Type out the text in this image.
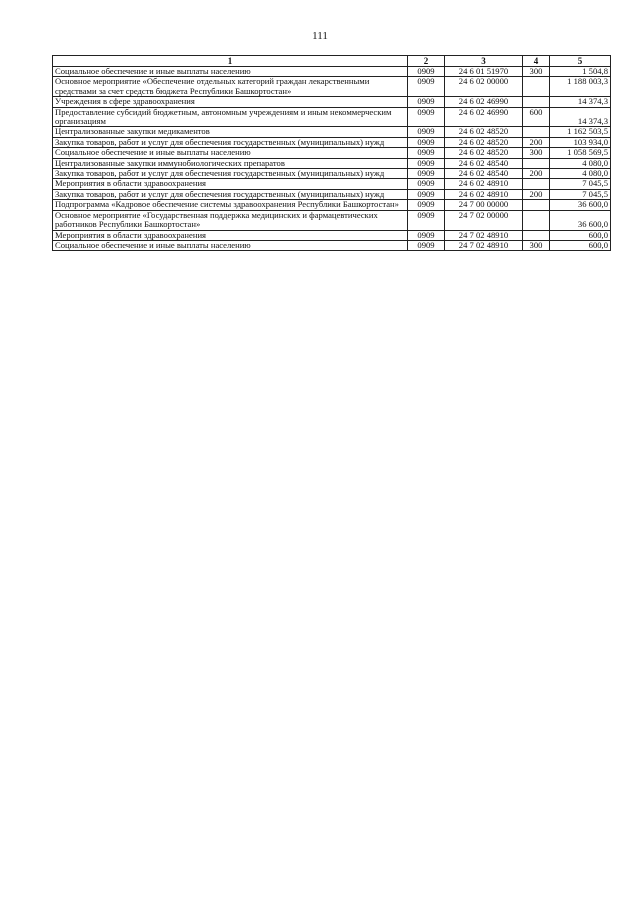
111
1	2	3	4	5
Социальное обеспечение и иные выплаты населению	0909	24 6 01 51970	300	1 504,8
Основное мероприятие «Обеспечение отдельных категорий граждан лекарственными средствами за счет средств бюджета Республики Башкортостан»	0909	24 6 02 00000		1 188 003,3
Учреждения в сфере здравоохранения	0909	24 6 02 46990		14 374,3
Предоставление субсидий бюджетным, автономным учреждениям и иным некоммерческим организациям	0909	24 6 02 46990	600	14 374,3
Централизованные закупки медикаментов	0909	24 6 02 48520		1 162 503,5
Закупка товаров, работ и услуг для обеспечения государственных (муниципальных) нужд	0909	24 6 02 48520	200	103 934,0
Социальное обеспечение и иные выплаты населению	0909	24 6 02 48520	300	1 058 569,5
Централизованные закупки иммунобиологических препаратов	0909	24 6 02 48540		4 080,0
Закупка товаров, работ и услуг для обеспечения государственных (муниципальных) нужд	0909	24 6 02 48540	200	4 080,0
Мероприятия в области здравоохранения	0909	24 6 02 48910		7 045,5
Закупка товаров, работ и услуг для обеспечения государственных (муниципальных) нужд	0909	24 6 02 48910	200	7 045,5
Подпрограмма «Кадровое обеспечение системы здравоохранения Республики Башкортостан»	0909	24 7 00 00000		36 600,0
Основное мероприятие «Государственная поддержка медицинских и фармацевтических работников Республики Башкортостан»	0909	24 7 02 00000		36 600,0
Мероприятия в области здравоохранения	0909	24 7 02 48910		600,0
Социальное обеспечение и иные выплаты населению	0909	24 7 02 48910	300	600,0
